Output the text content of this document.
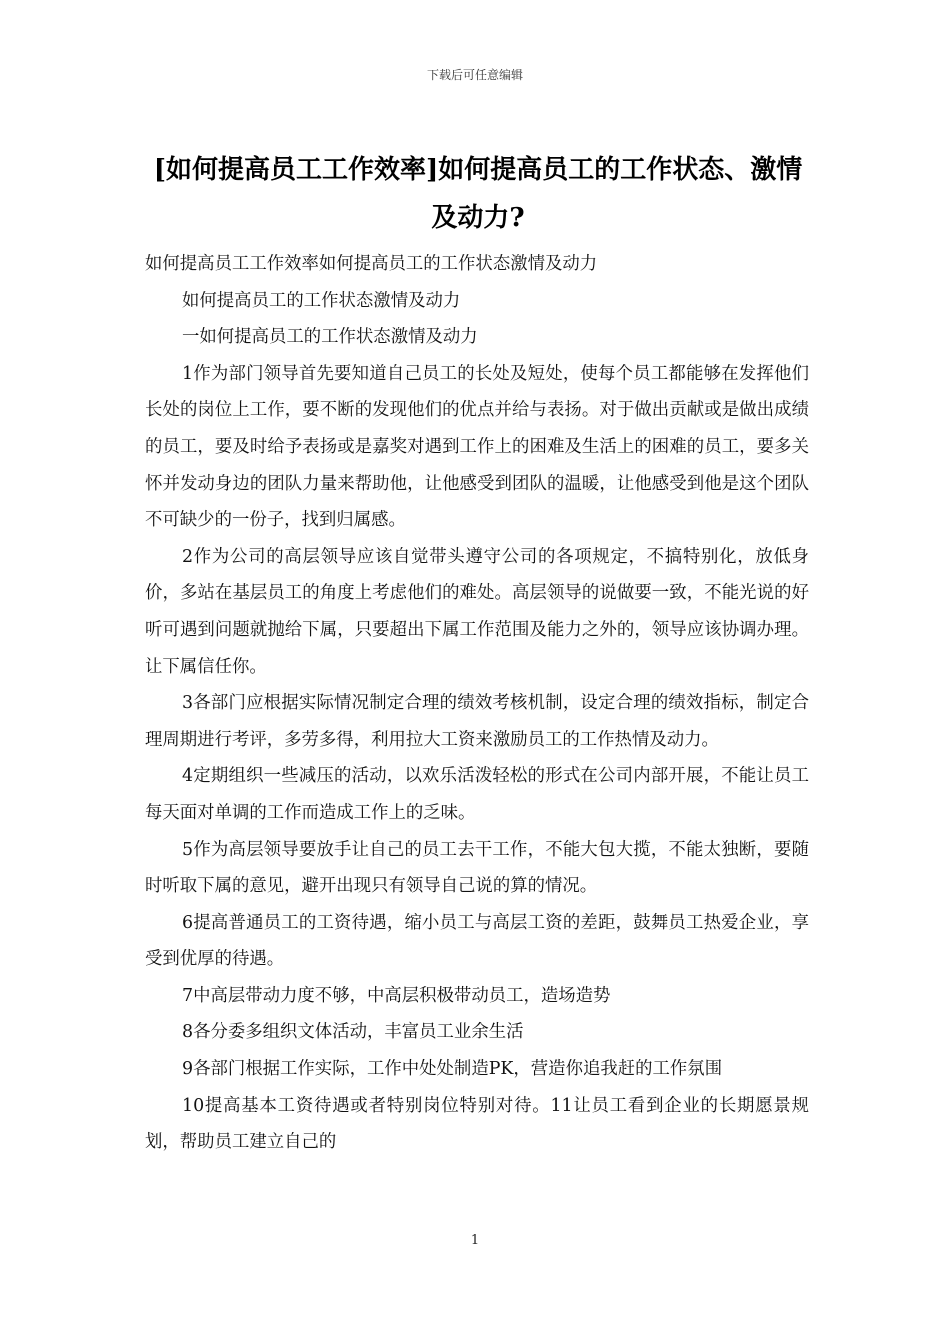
下载后可任意编辑
[如何提高员工工作效率]如何提高员工的工作状态、激情及动力?

如何提高员工工作效率如何提高员工的工作状态激情及动力

如何提高员工的工作状态激情及动力

一如何提高员工的工作状态激情及动力

1作为部门领导首先要知道自己员工的长处及短处，使每个员工都能够在发挥他们长处的岗位上工作，要不断的发现他们的优点并给与表扬。对于做出贡献或是做出成绩的员工，要及时给予表扬或是嘉奖对遇到工作上的困难及生活上的困难的员工，要多关怀并发动身边的团队力量来帮助他，让他感受到团队的温暖，让他感受到他是这个团队不可缺少的一份子，找到归属感。

2作为公司的高层领导应该自觉带头遵守公司的各项规定，不搞特别化，放低身价，多站在基层员工的角度上考虑他们的难处。高层领导的说做要一致，不能光说的好听可遇到问题就抛给下属，只要超出下属工作范围及能力之外的，领导应该协调办理。让下属信任你。

3各部门应根据实际情况制定合理的绩效考核机制，设定合理的绩效指标，制定合理周期进行考评，多劳多得，利用拉大工资来激励员工的工作热情及动力。

4定期组织一些减压的活动，以欢乐活泼轻松的形式在公司内部开展，不能让员工每天面对单调的工作而造成工作上的乏味。

5作为高层领导要放手让自己的员工去干工作，不能大包大揽，不能太独断，要随时听取下属的意见，避开出现只有领导自己说的算的情况。

6提高普通员工的工资待遇，缩小员工与高层工资的差距，鼓舞员工热爱企业，享受到优厚的待遇。

7中高层带动力度不够，中高层积极带动员工，造场造势

8各分委多组织文体活动，丰富员工业余生活

9各部门根据工作实际，工作中处处制造PK，营造你追我赶的工作氛围

10提高基本工资待遇或者特别岗位特别对待。11让员工看到企业的长期愿景规划，帮助员工建立自己的

1
